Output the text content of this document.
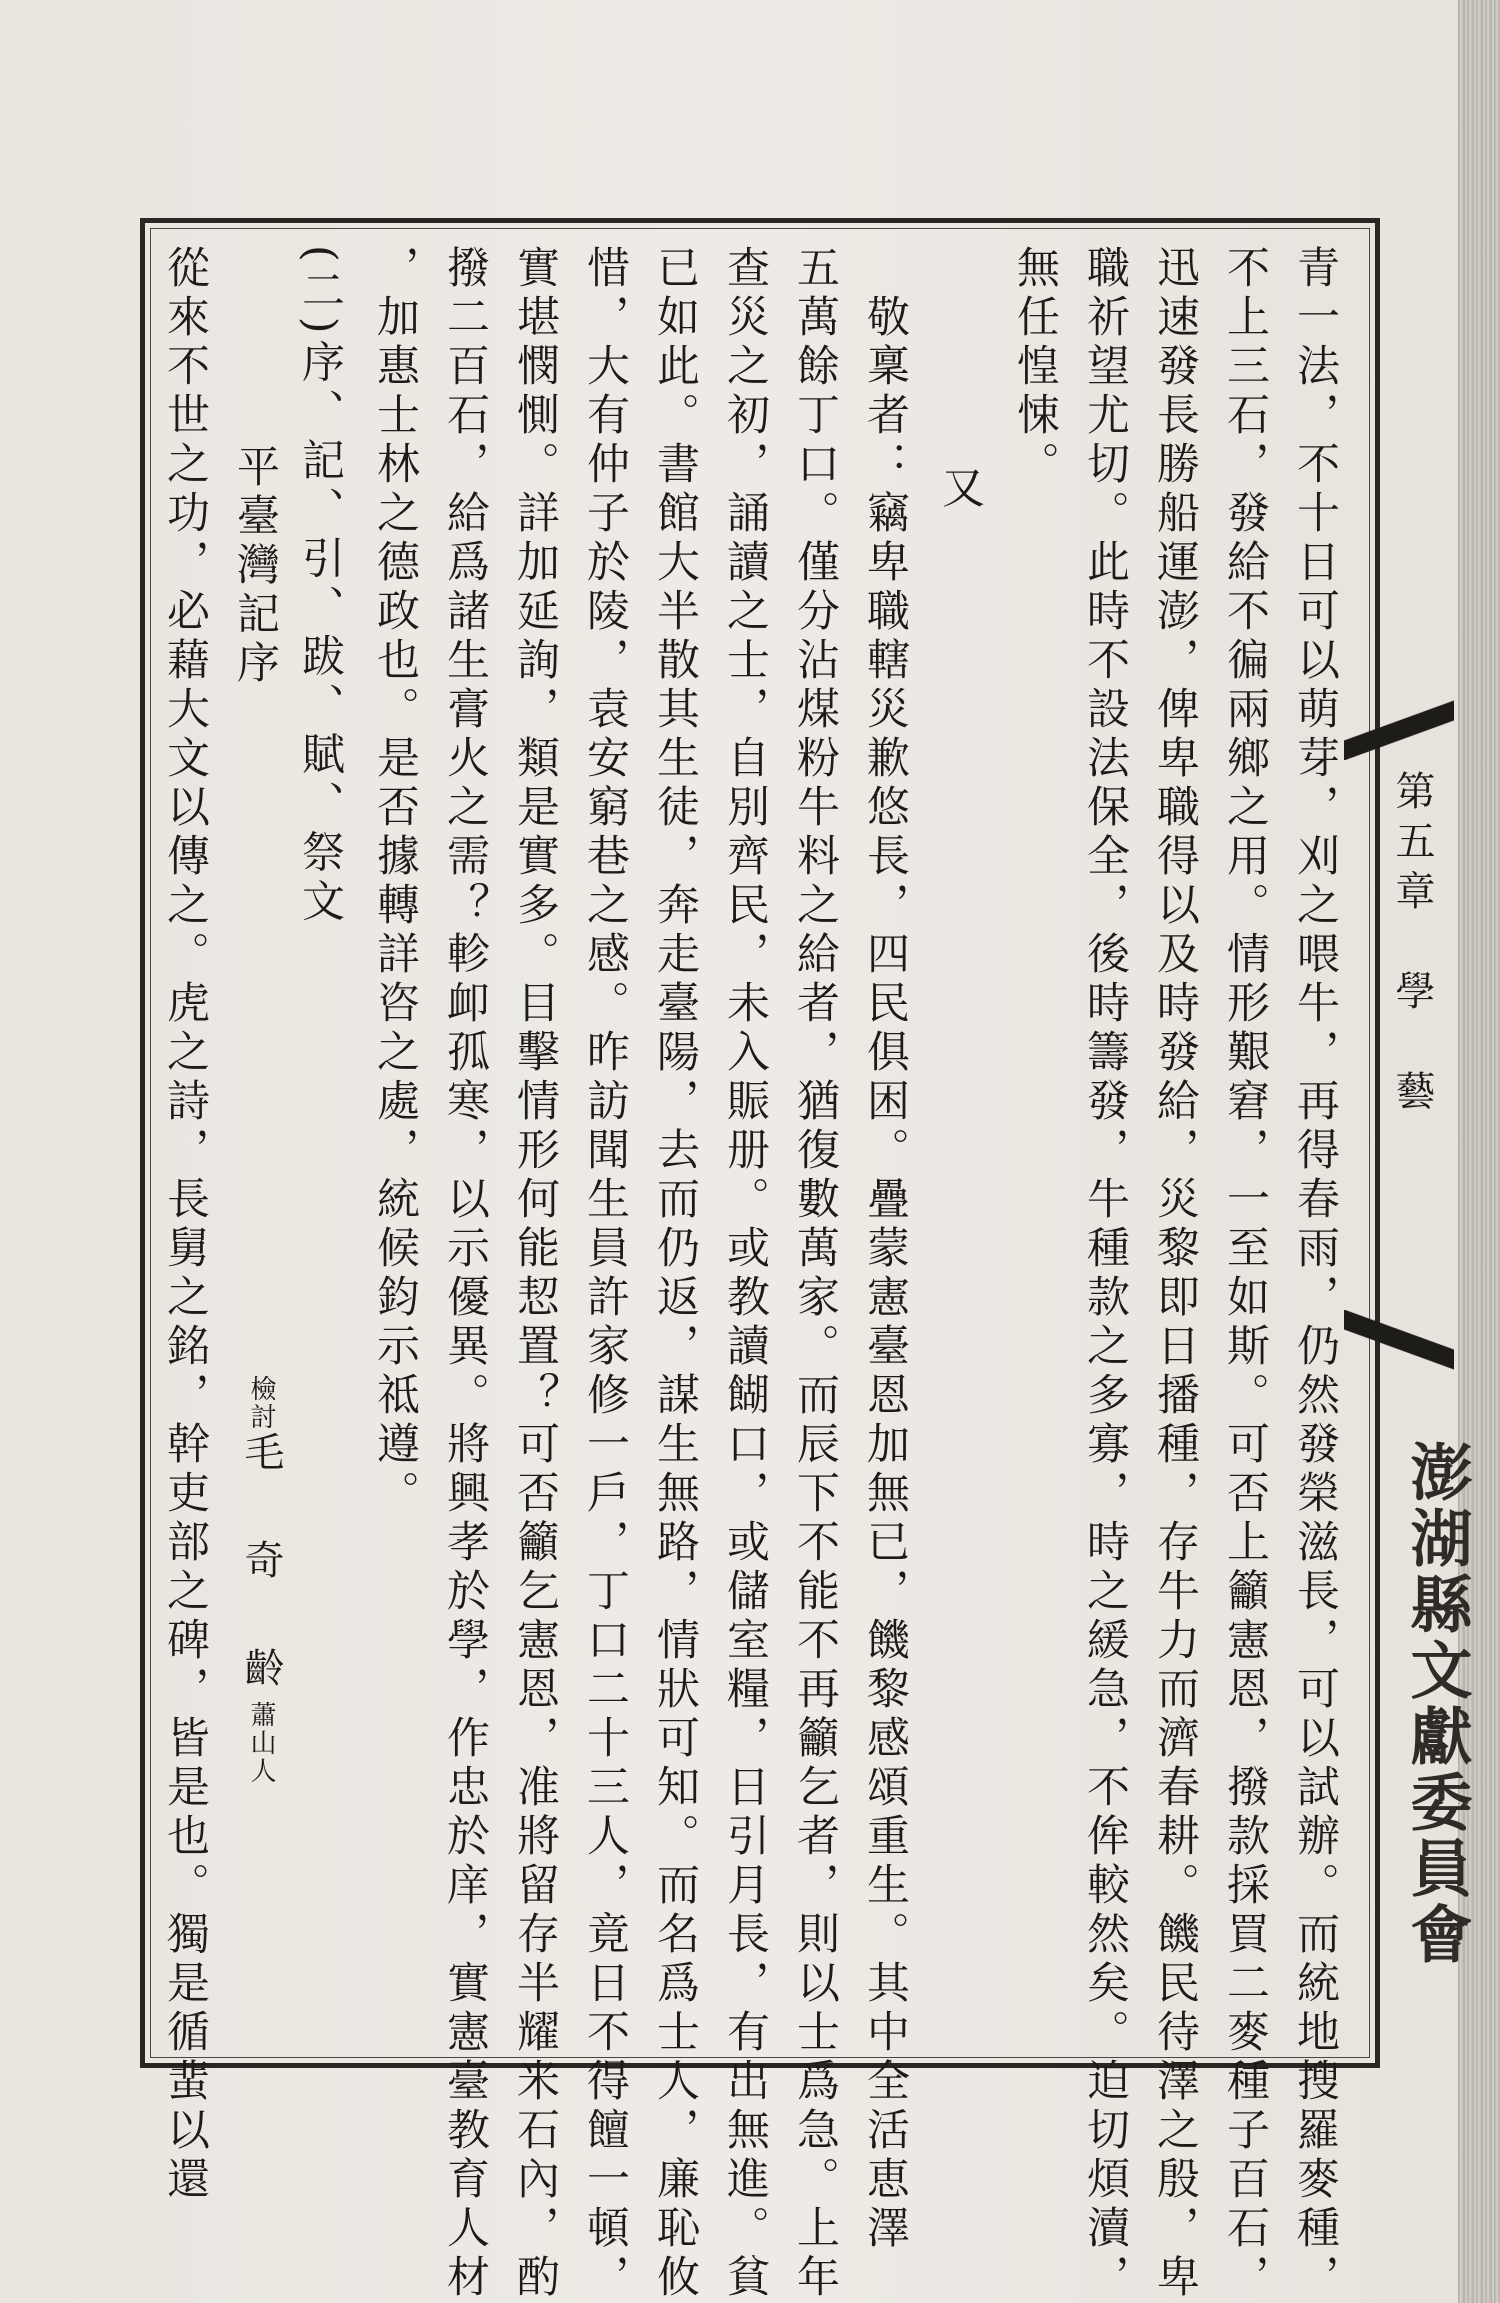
第五章　學　藝
澎湖縣文獻委員會
青一法，不十日可以萌芽，刈之喂牛，再得春雨，仍然發榮滋長，可以試辦。而統地搜羅麥種，
不上三石，發給不徧兩鄉之用。情形艱窘，一至如斯。可否上籲憲恩，撥款採買二麥種子百石，
迅速發長勝船運澎，俾卑職得以及時發給，災黎即日播種，存牛力而濟春耕。饑民待澤之殷，卑
職祈望尤切。此時不設法保全，後時籌發，牛種款之多寡，時之緩急，不侔較然矣。迫切煩瀆，
無任惶悚。
又
　敬稟者：竊卑職轄災歉悠長，四民俱困。疊蒙憲臺恩加無已，饑黎感頌重生。其中全活恵澤
五萬餘丁口。僅分沾煤粉牛料之給者，猶復數萬家。而辰下不能不再籲乞者，則以士爲急。上年
查災之初，誦讀之士，自別齊民，未入賑册。或教讀餬口，或儲室糧，日引月長，有出無進。貧
已如此。書館大半散其生徒，奔走臺陽，去而仍返，謀生無路，情狀可知。而名爲士人，廉恥攸
惜，大有仲子於陵，袁安窮巷之感。昨訪聞生員許家修一戶，丁口二十三人，竟日不得饘一頓，
實堪憫惻。詳加延詢，類是實多。目擊情形何能恝置？可否籲乞憲恩，准將留存半耀米石內，酌
撥二百石，給爲諸生膏火之需？軫卹孤寒，以示優異。將興孝於學，作忠於庠，實憲臺教育人材
，加惠士林之德政也。是否據轉詳咨之處，統候鈞示祗遵。
(二)序、記、引、跋、賦、祭文
　平臺灣記序
從來不世之功，必藉大文以傳之。虎之詩，長舅之銘，幹吏部之碑，皆是也。獨是循蜚以還	檢討毛　奇　齡蕭山人
